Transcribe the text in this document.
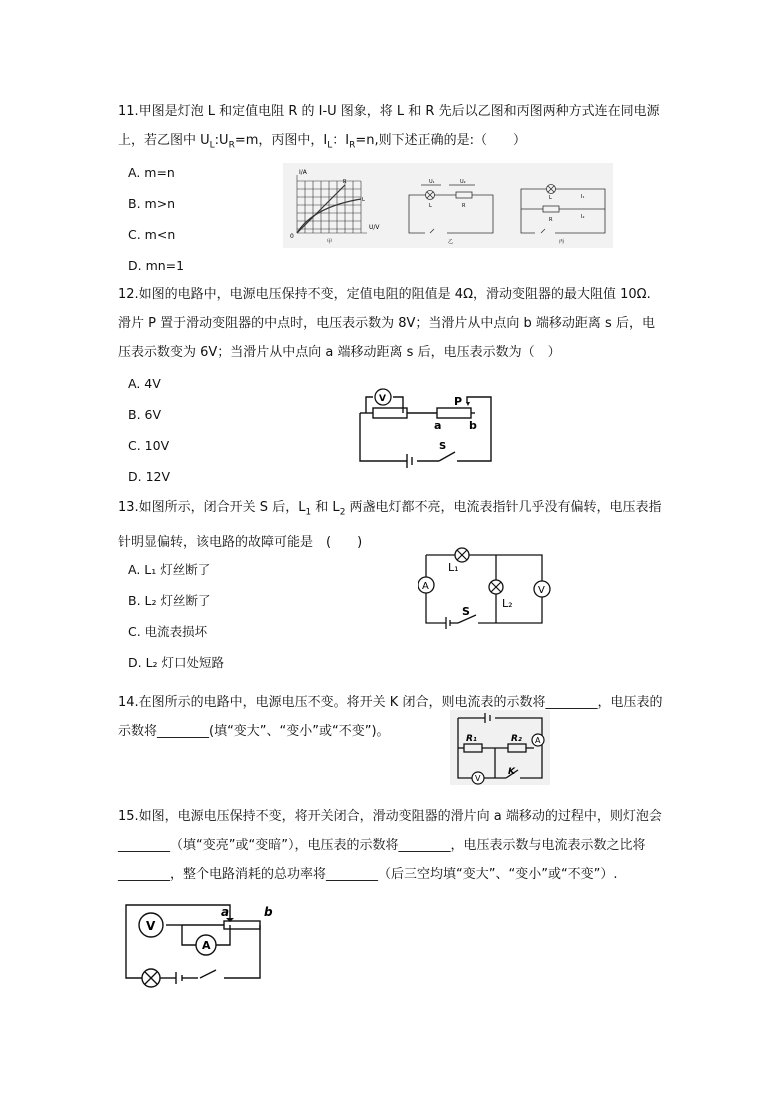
11.甲图是灯泡 L 和定值电阻 R 的 I-U 图象，将 L 和 R 先后以乙图和丙图两种方式连在同电源上，若乙图中 $U_L:U_R=m$，丙图中，$I_L$：$I_R=n$,则下述正确的是:（　　）
A. m=n
B. m>n
C. m<n
D. mn=1
I/A
U/V
0
R
L
甲
U₁	U₂
L	R
乙
I₁
I₂
L
R
丙
12.如图的电路中，电源电压保持不变，定值电阻的阻值是 4Ω，滑动变阻器的最大阻值 10Ω.滑片 P 置于滑动变阻器的中点时，电压表示数为 8V；当滑片从中点向 b 端移动距离 s 后，电压表示数变为 6V；当滑片从中点向 a 端移动距离 s 后，电压表示数为（　）
A. 4V
B. 6V
C. 10V
D. 12V
V	P
a	b
S
13.如图所示，闭合开关 S 后，$L_1$ 和 $L_2$ 两盏电灯都不亮，电流表指针几乎没有偏转，电压表指针明显偏转，该电路的故障可能是　(　　)
A. L₁ 灯丝断了
B. L₂ 灯丝断了
C. 电流表损坏
D. L₂ 灯口处短路
A	V
L₁
L₂
S
14.在图所示的电路中，电源电压不变。将开关 K 闭合，则电流表的示数将________，电压表的示数将________(填“变大”、“变小”或“不变”)。
A
V
R₁	R₂
K
15.如图，电源电压保持不变，将开关闭合，滑动变阻器的滑片向 a 端移动的过程中，则灯泡会________（填“变亮”或“变暗”），电压表的示数将________，电压表示数与电流表示数之比将________，整个电路消耗的总功率将________（后三空均填“变大”、“变小”或“不变”）.
V
A
a	b
